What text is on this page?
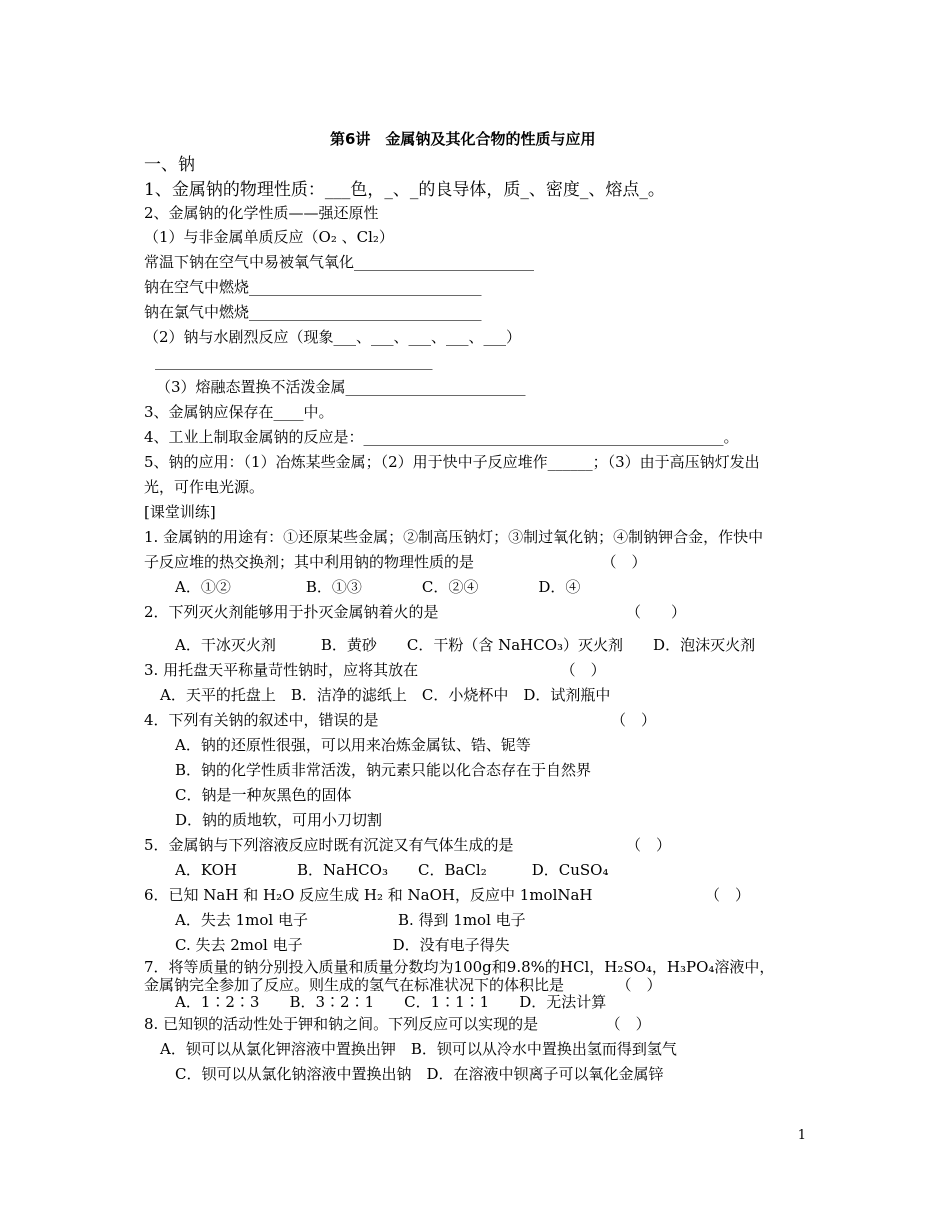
第6讲　金属钠及其化合物的性质与应用
一、钠
1、金属钠的物理性质：___色，_、_的良导体，质_、密度_、熔点_。
2、金属钠的化学性质——强还原性
（1）与非金属单质反应（O₂ 、Cl₂）
常温下钠在空气中易被氧气氧化________________________
钠在空气中燃烧_______________________________
钠在氯气中燃烧_______________________________
（2）钠与水剧烈反应（现象___、___、___、___、___）
_____________________________________
（3）熔融态置换不活泼金属________________________
3、金属钠应保存在____中。
4、工业上制取金属钠的反应是：________________________________________________。
5、钠的应用：（1）冶炼某些金属；（2）用于快中子反应堆作______；（3）由于高压钠灯发出
光，可作电光源。
[课堂训练]
1. 金属钠的用途有：①还原某些金属；②制高压钠灯；③制过氧化钠；④制钠钾合金，作快中
子反应堆的热交换剂；其中利用钠的物理性质的是　　　　　　　　　（　）
A．①②　　　　　B．①③　　　　C．②④　　　　D．④
2．下列灭火剂能够用于扑灭金属钠着火的是　　　　　　　　　　　　　（　　）
A．干冰灭火剂　　　B．黄砂　　C．干粉（含 NaHCO₃）灭火剂　　D．泡沫灭火剂
3. 用托盘天平称量苛性钠时，应将其放在　　　　　　　　　　（　）
A．天平的托盘上　B．洁净的滤纸上　C．小烧杯中　D．试剂瓶中
4．下列有关钠的叙述中，错误的是　　　　　　　　　　　　　　　　（　）
A．钠的还原性很强，可以用来冶炼金属钛、锆、铌等
B．钠的化学性质非常活泼，钠元素只能以化合态存在于自然界
C．钠是一种灰黑色的固体
D．钠的质地软，可用小刀切割
5．金属钠与下列溶液反应时既有沉淀又有气体生成的是　　　　　　　　（　）
A．KOH　　　　B．NaHCO₃　　C．BaCl₂　　　D．CuSO₄
6．已知 NaH 和 H₂O 反应生成 H₂ 和 NaOH，反应中 1molNaH　　　　　　　　（　）
A．失去 1mol 电子　　　　　　B. 得到 1mol 电子
C. 失去 2mol 电子　　　　　　D．没有电子得失
7．将等质量的钠分别投入质量和质量分数均为100g和9.8%的HCl，H₂SO₄，H₃PO₄溶液中，
金属钠完全参加了反应。则生成的氢气在标准状况下的体积比是　　　　（　）
A．1∶2∶3　　B．3∶2∶1　　C．1∶1∶1　　D．无法计算
8. 已知钡的活动性处于钾和钠之间。下列反应可以实现的是　　　　　（　）
A．钡可以从氯化钾溶液中置换出钾　B．钡可以从冷水中置换出氢而得到氢气
C．钡可以从氯化钠溶液中置换出钠　D．在溶液中钡离子可以氧化金属锌
1
